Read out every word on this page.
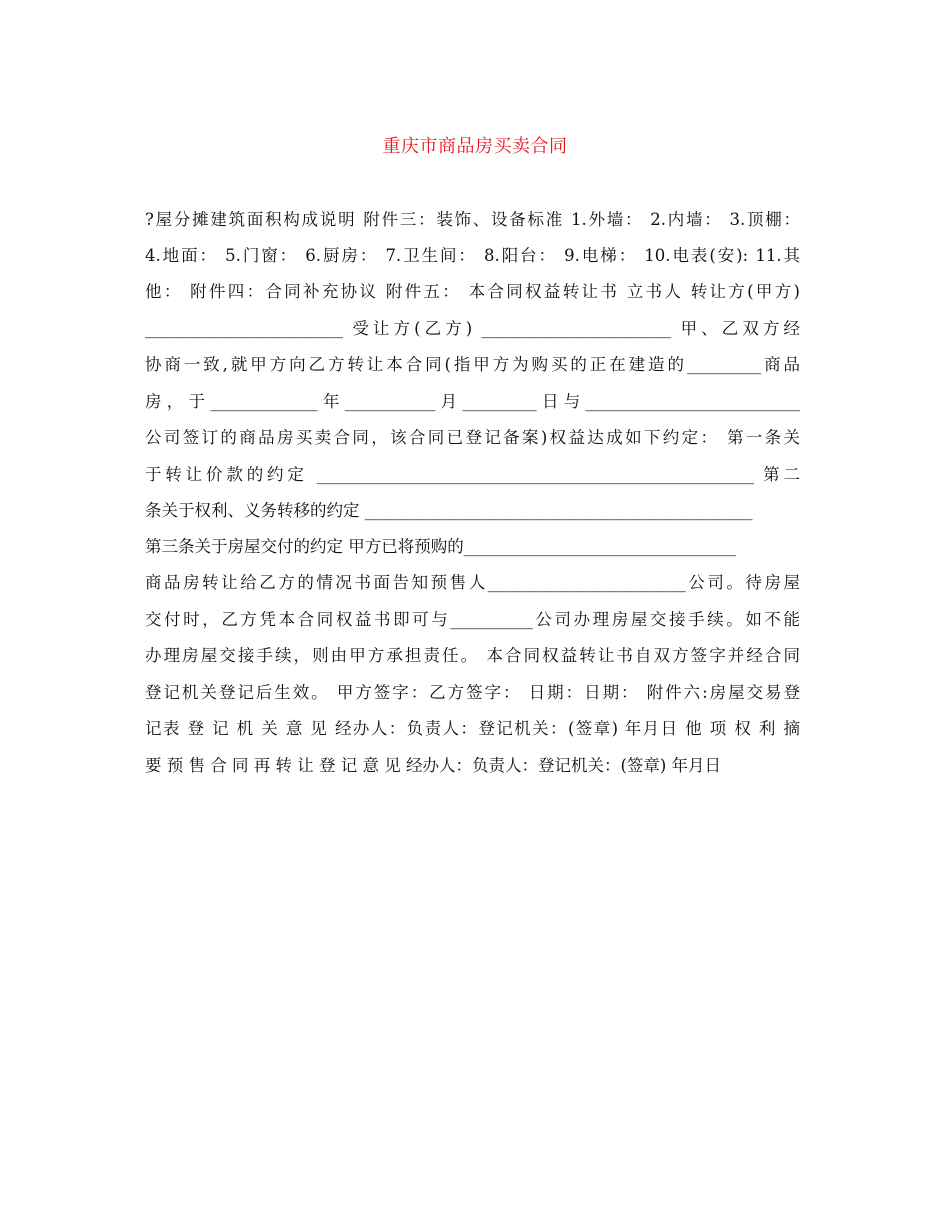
重庆市商品房买卖合同
?屋分摊建筑面积构成说明 附件三：装饰、设备标准 1.外墙： 2.内墙： 3.顶棚：
4.地面： 5.门窗： 6.厨房： 7.卫生间： 8.阳台： 9.电梯： 10.电表(安): 11.其
他： 附件四：合同补充协议 附件五： 本合同权益转让书 立书人 转让方(甲方)
________________________ 受让方(乙方) _______________________ 甲、乙双方经
协商一致,就甲方向乙方转让本合同(指甲方为购买的正在建造的_________商品
房，于_____________年___________月_________日与__________________________
公司签订的商品房买卖合同，该合同已登记备案)权益达成如下约定： 第一条关
于转让价款的约定 _____________________________________________________ 第二
条关于权利、义务转移的约定 _______________________________________________
第三条关于房屋交付的约定 甲方已将预购的_________________________________
商品房转让给乙方的情况书面告知预售人________________________公司。待房屋
交付时，乙方凭本合同权益书即可与__________公司办理房屋交接手续。如不能
办理房屋交接手续，则由甲方承担责任。 本合同权益转让书自双方签字并经合同
登记机关登记后生效。 甲方签字：乙方签字： 日期：日期： 附件六:房屋交易登
记表 登 记 机 关 意 见 经办人：负责人：登记机关：(签章) 年月日 他 项 权 利 摘
要 预 售 合 同 再 转 让 登 记 意 见 经办人：负责人：登记机关：(签章) 年月日
